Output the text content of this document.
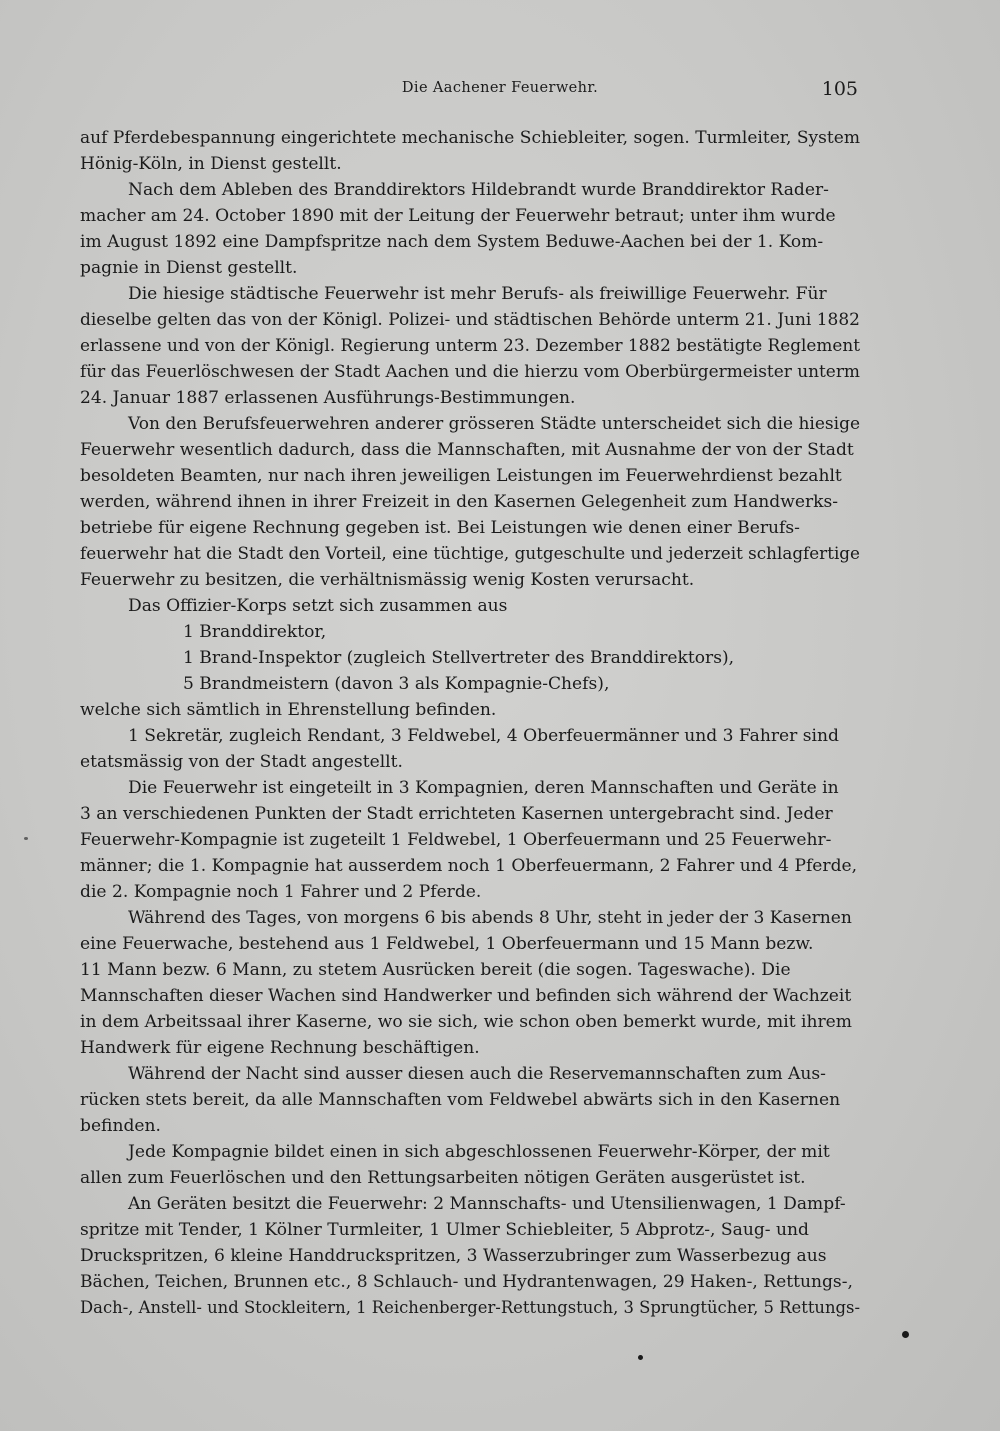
Die Aachener Feuerwehr.	105
auf Pferdebespannung eingerichtete mechanische Schiebleiter, sogen. Turmleiter, System
Hönig-Köln, in Dienst gestellt.
Nach dem Ableben des Branddirektors Hildebrandt wurde Branddirektor Rader-
macher am 24. October 1890 mit der Leitung der Feuerwehr betraut; unter ihm wurde
im August 1892 eine Dampfspritze nach dem System Beduwe-Aachen bei der 1. Kom-
pagnie in Dienst gestellt.
Die hiesige städtische Feuerwehr ist mehr Berufs- als freiwillige Feuerwehr. Für
dieselbe gelten das von der Königl. Polizei- und städtischen Behörde unterm 21. Juni 1882
erlassene und von der Königl. Regierung unterm 23. Dezember 1882 bestätigte Reglement
für das Feuerlöschwesen der Stadt Aachen und die hierzu vom Oberbürgermeister unterm
24. Januar 1887 erlassenen Ausführungs-Bestimmungen.
Von den Berufsfeuerwehren anderer grösseren Städte unterscheidet sich die hiesige
Feuerwehr wesentlich dadurch, dass die Mannschaften, mit Ausnahme der von der Stadt
besoldeten Beamten, nur nach ihren jeweiligen Leistungen im Feuerwehrdienst bezahlt
werden, während ihnen in ihrer Freizeit in den Kasernen Gelegenheit zum Handwerks-
betriebe für eigene Rechnung gegeben ist. Bei Leistungen wie denen einer Berufs-
feuerwehr hat die Stadt den Vorteil, eine tüchtige, gutgeschulte und jederzeit schlagfertige
Feuerwehr zu besitzen, die verhältnismässig wenig Kosten verursacht.
Das Offizier-Korps setzt sich zusammen aus
1 Branddirektor,
1 Brand-Inspektor (zugleich Stellvertreter des Branddirektors),
5 Brandmeistern (davon 3 als Kompagnie-Chefs),
welche sich sämtlich in Ehrenstellung befinden.
1 Sekretär, zugleich Rendant, 3 Feldwebel, 4 Oberfeuermänner und 3 Fahrer sind
etatsmässig von der Stadt angestellt.
Die Feuerwehr ist eingeteilt in 3 Kompagnien, deren Mannschaften und Geräte in
3 an verschiedenen Punkten der Stadt errichteten Kasernen untergebracht sind. Jeder
Feuerwehr-Kompagnie ist zugeteilt 1 Feldwebel, 1 Oberfeuermann und 25 Feuerwehr-
männer; die 1. Kompagnie hat ausserdem noch 1 Oberfeuermann, 2 Fahrer und 4 Pferde,
die 2. Kompagnie noch 1 Fahrer und 2 Pferde.
Während des Tages, von morgens 6 bis abends 8 Uhr, steht in jeder der 3 Kasernen
eine Feuerwache, bestehend aus 1 Feldwebel, 1 Oberfeuermann und 15 Mann bezw.
11 Mann bezw. 6 Mann, zu stetem Ausrücken bereit (die sogen. Tageswache). Die
Mannschaften dieser Wachen sind Handwerker und befinden sich während der Wachzeit
in dem Arbeitssaal ihrer Kaserne, wo sie sich, wie schon oben bemerkt wurde, mit ihrem
Handwerk für eigene Rechnung beschäftigen.
Während der Nacht sind ausser diesen auch die Reservemannschaften zum Aus-
rücken stets bereit, da alle Mannschaften vom Feldwebel abwärts sich in den Kasernen
befinden.
Jede Kompagnie bildet einen in sich abgeschlossenen Feuerwehr-Körper, der mit
allen zum Feuerlöschen und den Rettungsarbeiten nötigen Geräten ausgerüstet ist.
An Geräten besitzt die Feuerwehr: 2 Mannschafts- und Utensilienwagen, 1 Dampf-
spritze mit Tender, 1 Kölner Turmleiter, 1 Ulmer Schiebleiter, 5 Abprotz-, Saug- und
Druckspritzen, 6 kleine Handdruckspritzen, 3 Wasserzubringer zum Wasserbezug aus
Bächen, Teichen, Brunnen etc., 8 Schlauch- und Hydrantenwagen, 29 Haken-, Rettungs-,
Dach-, Anstell- und Stockleitern, 1 Reichenberger-Rettungstuch, 3 Sprungtücher, 5 Rettungs-
